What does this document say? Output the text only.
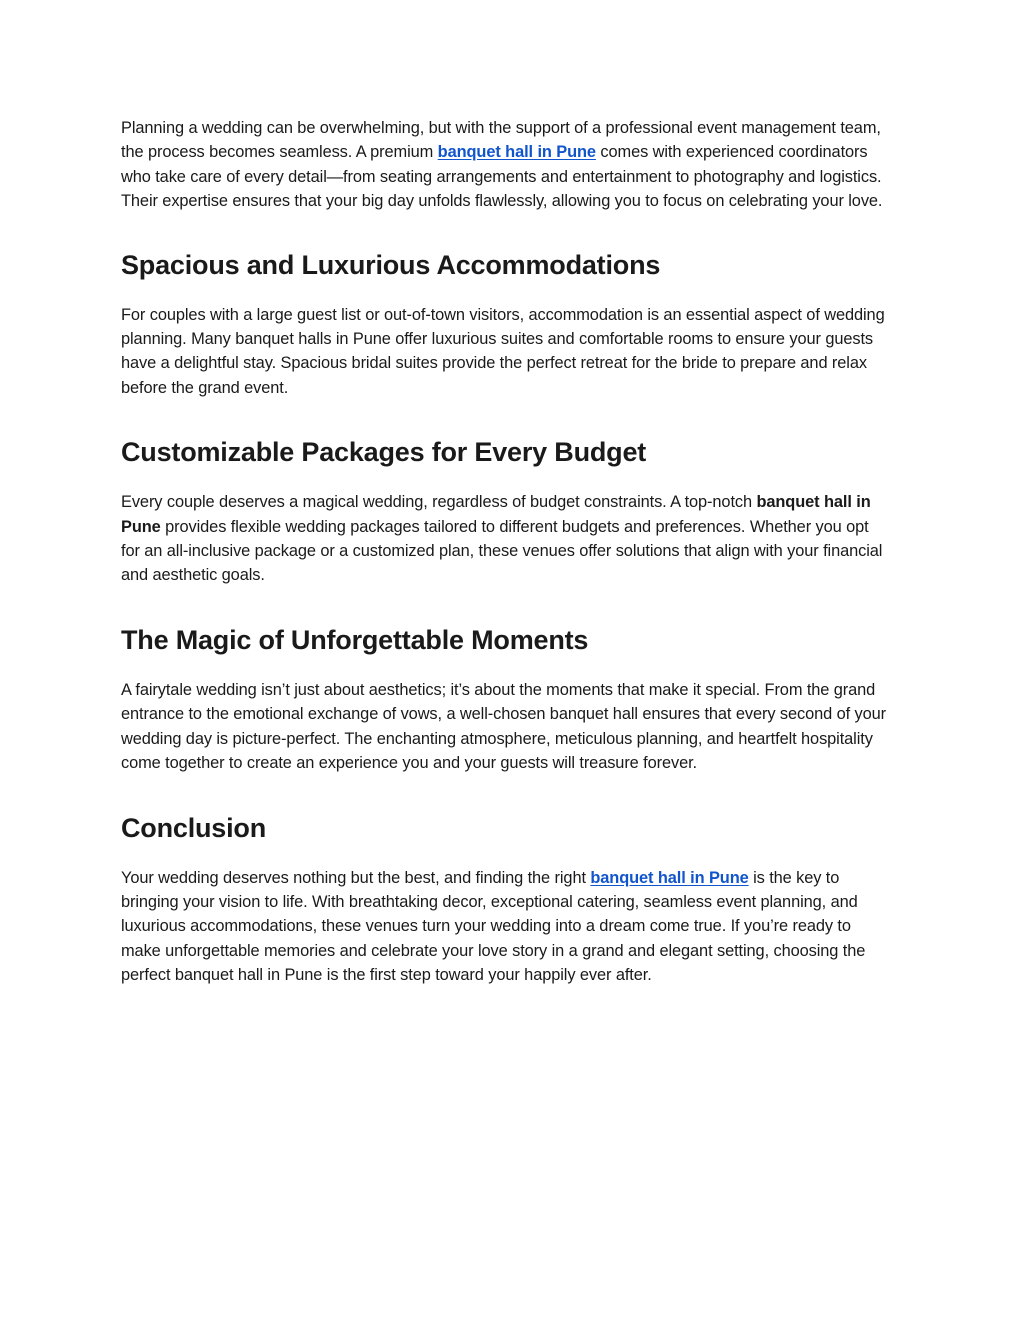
Planning a wedding can be overwhelming, but with the support of a professional event management team, the process becomes seamless. A premium banquet hall in Pune comes with experienced coordinators who take care of every detail—from seating arrangements and entertainment to photography and logistics. Their expertise ensures that your big day unfolds flawlessly, allowing you to focus on celebrating your love.

Spacious and Luxurious Accommodations

For couples with a large guest list or out-of-town visitors, accommodation is an essential aspect of wedding planning. Many banquet halls in Pune offer luxurious suites and comfortable rooms to ensure your guests have a delightful stay. Spacious bridal suites provide the perfect retreat for the bride to prepare and relax before the grand event.

Customizable Packages for Every Budget

Every couple deserves a magical wedding, regardless of budget constraints. A top-notch banquet hall in Pune provides flexible wedding packages tailored to different budgets and preferences. Whether you opt for an all-inclusive package or a customized plan, these venues offer solutions that align with your financial and aesthetic goals.

The Magic of Unforgettable Moments

A fairytale wedding isn’t just about aesthetics; it’s about the moments that make it special. From the grand entrance to the emotional exchange of vows, a well-chosen banquet hall ensures that every second of your wedding day is picture-perfect. The enchanting atmosphere, meticulous planning, and heartfelt hospitality come together to create an experience you and your guests will treasure forever.

Conclusion

Your wedding deserves nothing but the best, and finding the right banquet hall in Pune is the key to bringing your vision to life. With breathtaking decor, exceptional catering, seamless event planning, and luxurious accommodations, these venues turn your wedding into a dream come true. If you’re ready to make unforgettable memories and celebrate your love story in a grand and elegant setting, choosing the perfect banquet hall in Pune is the first step toward your happily ever after.
